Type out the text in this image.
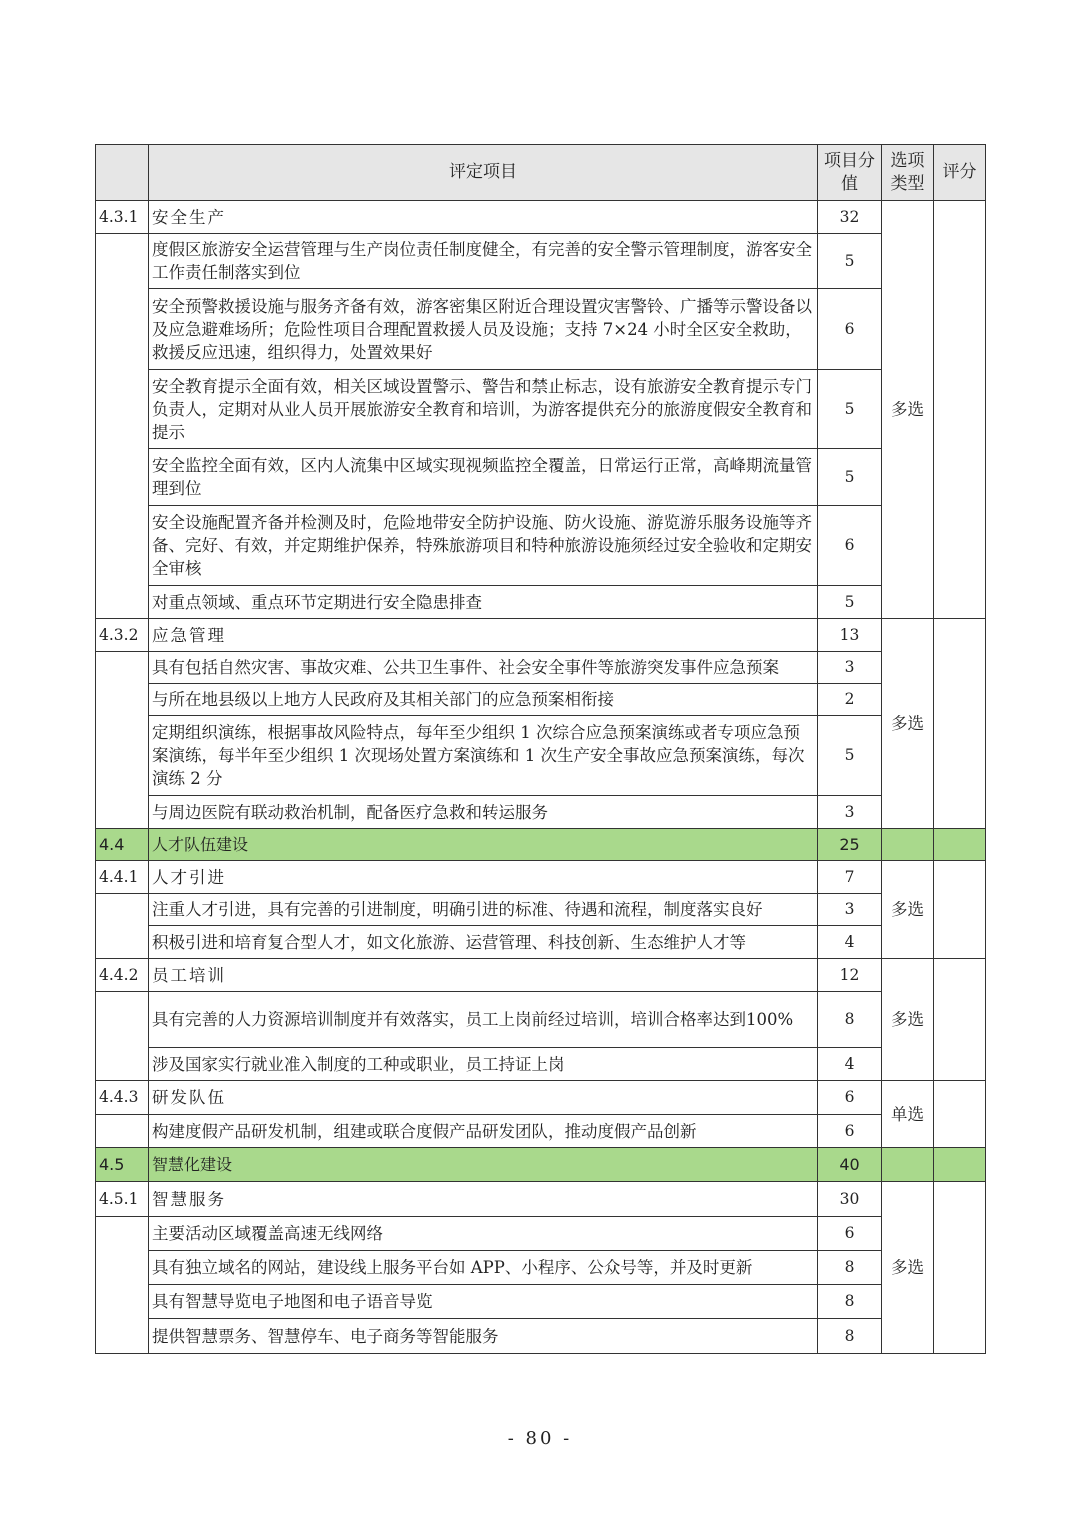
	评定项目	项目分值	选项类型	评分
4.3.1	安全生产	32	多选	
	度假区旅游安全运营管理与生产岗位责任制度健全，有完善的安全警示管理制度，游客安全工作责任制落实到位	5		
	安全预警救援设施与服务齐备有效，游客密集区附近合理设置灾害警铃、广播等示警设备以及应急避难场所；危险性项目合理配置救援人员及设施；支持 7×24 小时全区安全救助，救援反应迅速，组织得力，处置效果好	6		
	安全教育提示全面有效，相关区域设置警示、警告和禁止标志，设有旅游安全教育提示专门负责人，定期对从业人员开展旅游安全教育和培训，为游客提供充分的旅游度假安全教育和提示	5		
	安全监控全面有效，区内人流集中区域实现视频监控全覆盖，日常运行正常，高峰期流量管理到位	5		
	安全设施配置齐备并检测及时，危险地带安全防护设施、防火设施、游览游乐服务设施等齐备、完好、有效，并定期维护保养，特殊旅游项目和特种旅游设施须经过安全验收和定期安全审核	6		
	对重点领域、重点环节定期进行安全隐患排查	5		
4.3.2	应急管理	13	多选	
	具有包括自然灾害、事故灾难、公共卫生事件、社会安全事件等旅游突发事件应急预案	3		
	与所在地县级以上地方人民政府及其相关部门的应急预案相衔接	2		
	定期组织演练，根据事故风险特点，每年至少组织 1 次综合应急预案演练或者专项应急预案演练，每半年至少组织 1 次现场处置方案演练和 1 次生产安全事故应急预案演练，每次演练 2 分	5		
	与周边医院有联动救治机制，配备医疗急救和转运服务	3		
4.4	人才队伍建设	25		
4.4.1	人才引进	7	多选	
	注重人才引进，具有完善的引进制度，明确引进的标准、待遇和流程，制度落实良好	3		
	积极引进和培育复合型人才，如文化旅游、运营管理、科技创新、生态维护人才等	4		
4.4.2	员工培训	12	多选	
	具有完善的人力资源培训制度并有效落实，员工上岗前经过培训，培训合格率达到100%	8		
	涉及国家实行就业准入制度的工种或职业，员工持证上岗	4		
4.4.3	研发队伍	6	单选	
	构建度假产品研发机制，组建或联合度假产品研发团队，推动度假产品创新	6		
4.5	智慧化建设	40		
4.5.1	智慧服务	30	多选	
	主要活动区域覆盖高速无线网络	6		
	具有独立域名的网站，建设线上服务平台如 APP、小程序、公众号等，并及时更新	8		
	具有智慧导览电子地图和电子语音导览	8		
	提供智慧票务、智慧停车、电子商务等智能服务	8		
- 80 -
